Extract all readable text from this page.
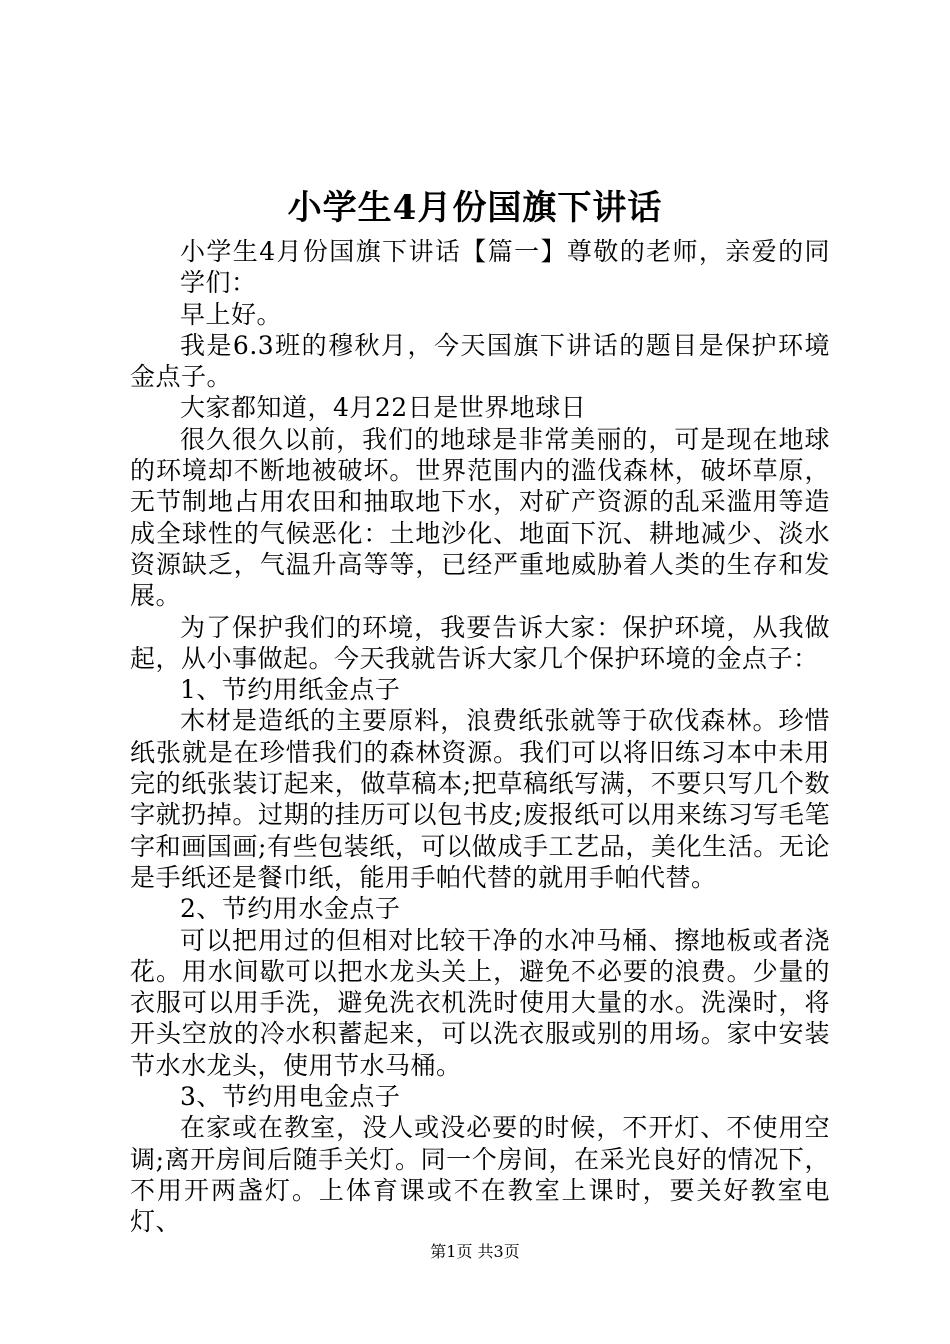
小学生4月份国旗下讲话

小学生4月份国旗下讲话【篇一】尊敬的老师，亲爱的同学们：

早上好。

我是6.3班的穆秋月，今天国旗下讲话的题目是保护环境金点子。

大家都知道，4月22日是世界地球日

很久很久以前，我们的地球是非常美丽的，可是现在地球的环境却不断地被破坏。世界范围内的滥伐森林，破坏草原，无节制地占用农田和抽取地下水，对矿产资源的乱采滥用等造成全球性的气候恶化：土地沙化、地面下沉、耕地减少、淡水资源缺乏，气温升高等等，已经严重地威胁着人类的生存和发展。

为了保护我们的环境，我要告诉大家：保护环境，从我做起，从小事做起。今天我就告诉大家几个保护环境的金点子：

1、节约用纸金点子

木材是造纸的主要原料，浪费纸张就等于砍伐森林。珍惜纸张就是在珍惜我们的森林资源。我们可以将旧练习本中未用完的纸张装订起来，做草稿本;把草稿纸写满，不要只写几个数字就扔掉。过期的挂历可以包书皮;废报纸可以用来练习写毛笔字和画国画;有些包装纸，可以做成手工艺品，美化生活。无论是手纸还是餐巾纸，能用手帕代替的就用手帕代替。

2、节约用水金点子

可以把用过的但相对比较干净的水冲马桶、擦地板或者浇花。用水间歇可以把水龙头关上，避免不必要的浪费。少量的衣服可以用手洗，避免洗衣机洗时使用大量的水。洗澡时，将开头空放的冷水积蓄起来，可以洗衣服或别的用场。家中安装节水水龙头，使用节水马桶。

3、节约用电金点子

在家或在教室，没人或没必要的时候，不开灯、不使用空调;离开房间后随手关灯。同一个房间，在采光良好的情况下，不用开两盏灯。上体育课或不在教室上课时，要关好教室电灯、

第1页 共3页
